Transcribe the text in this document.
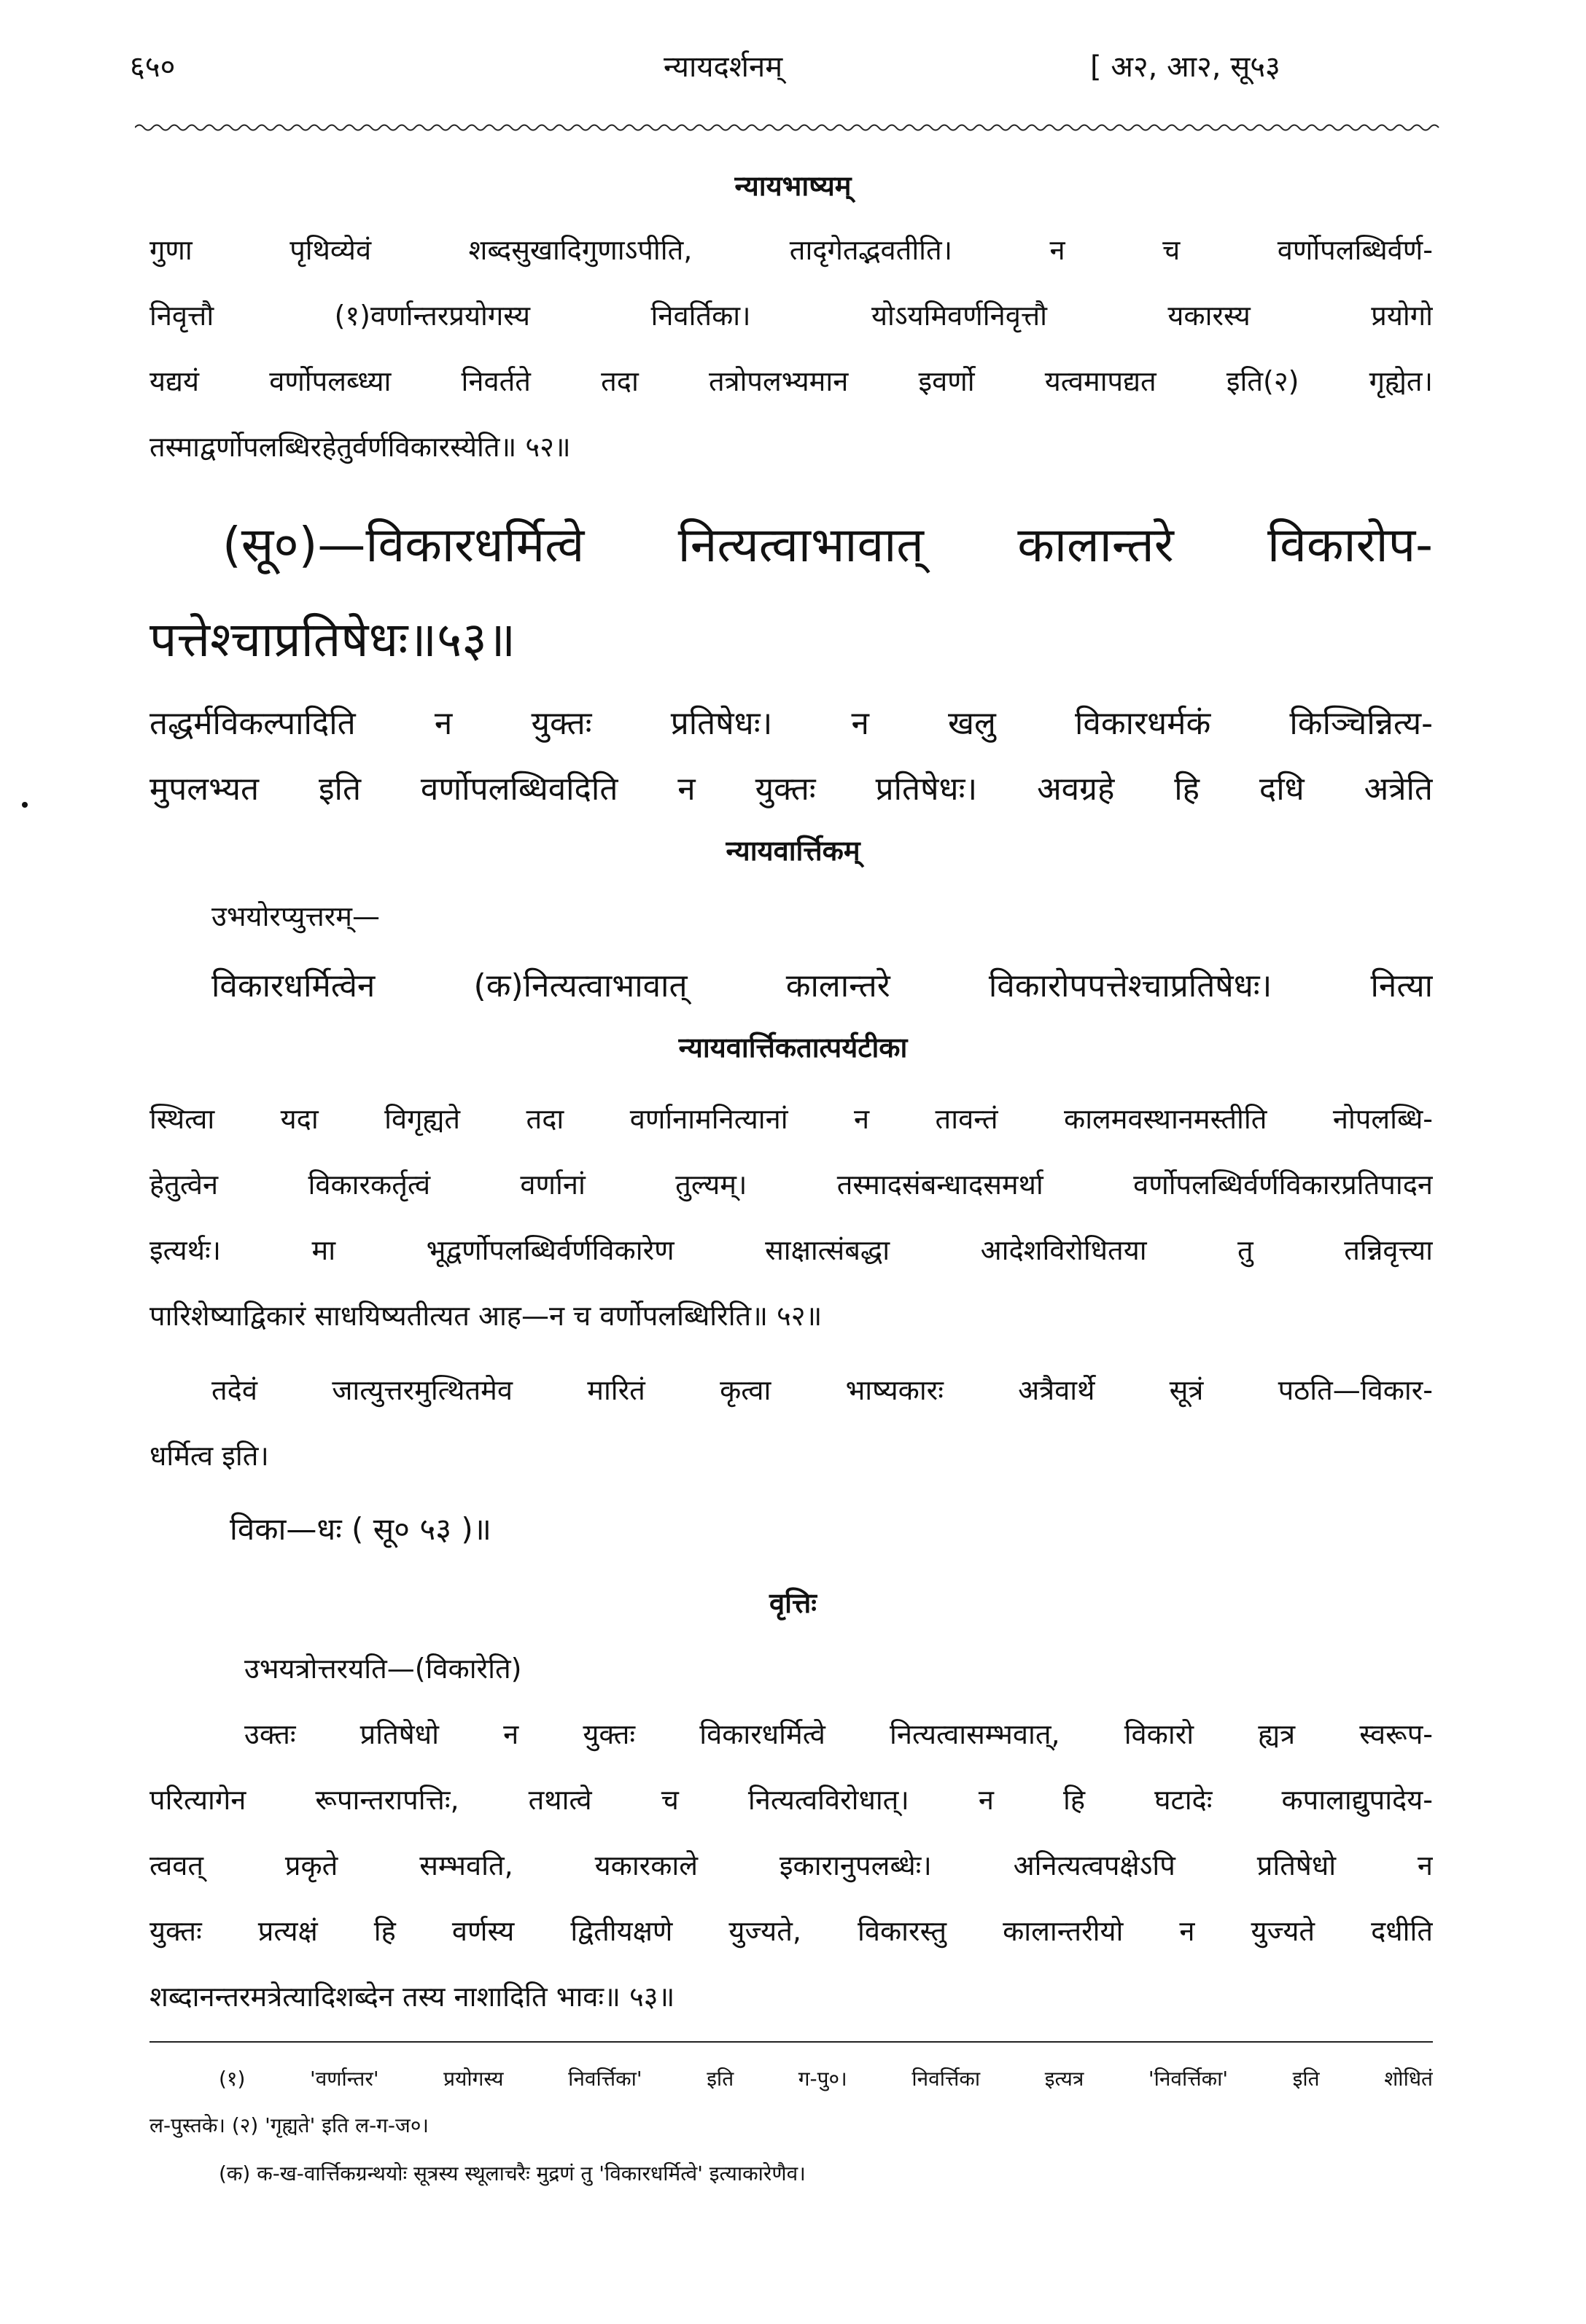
६५०	न्यायदर्शनम्	[ अ२, आ२, सू५३
न्यायभाष्यम्
गुणा पृथिव्येवं शब्दसुखादिगुणाऽपीति, तादृगेतद्भवतीति। न च वर्णोपलब्धिर्वर्ण-
निवृत्तौ (१)वर्णान्तरप्रयोगस्य निवर्तिका। योऽयमिवर्णनिवृत्तौ यकारस्य प्रयोगो
यद्ययं वर्णोपलब्ध्या निवर्तते तदा तत्रोपलभ्यमान इवर्णो यत्वमापद्यत इति(२) गृह्येत।
तस्माद्वर्णोपलब्धिरहेतुर्वर्णविकारस्येति॥ ५२॥
(सू०)—विकारधर्मित्वे नित्यत्वाभावात् कालान्तरे विकारोप-
पत्तेश्चाप्रतिषेधः॥५३॥
तद्धर्मविकल्पादिति न युक्तः प्रतिषेधः। न खलु विकारधर्मकं किञ्चिन्नित्य-
मुपलभ्यत इति वर्णोपलब्धिवदिति न युक्तः प्रतिषेधः। अवग्रहे हि दधि अत्रेति
न्यायवार्त्तिकम्
उभयोरप्युत्तरम्—
विकारधर्मित्वेन (क)नित्यत्वाभावात् कालान्तरे विकारोपपत्तेश्चाप्रतिषेधः। नित्या
न्यायवार्त्तिकतात्पर्यटीका
स्थित्वा यदा विगृह्यते तदा वर्णानामनित्यानां न तावन्तं कालमवस्थानमस्तीति नोपलब्धि-
हेतुत्वेन विकारकर्तृत्वं वर्णानां तुल्यम्। तस्मादसंबन्धादसमर्था वर्णोपलब्धिर्वर्णविकारप्रतिपादन
इत्यर्थः। मा भूद्वर्णोपलब्धिर्वर्णविकारेण साक्षात्संबद्धा आदेशविरोधितया तु तन्निवृत्त्या
पारिशेष्याद्विकारं साधयिष्यतीत्यत आह—न च वर्णोपलब्धिरिति॥ ५२॥
तदेवं जात्युत्तरमुत्थितमेव मारितं कृत्वा भाष्यकारः अत्रैवार्थे सूत्रं पठति—विकार-
धर्मित्व इति।
विका—धः ( सू० ५३ )॥
वृत्तिः
उभयत्रोत्तरयति—(विकारेति)
उक्तः प्रतिषेधो न युक्तः विकारधर्मित्वे नित्यत्वासम्भवात्, विकारो ह्यत्र स्वरूप-
परित्यागेन रूपान्तरापत्तिः, तथात्वे च नित्यत्वविरोधात्। न हि घटादेः कपालाद्युपादेय-
त्ववत् प्रकृते सम्भवति, यकारकाले इकारानुपलब्धेः। अनित्यत्वपक्षेऽपि प्रतिषेधो न
युक्तः प्रत्यक्षं हि वर्णस्य द्वितीयक्षणे युज्यते, विकारस्तु कालान्तरीयो न युज्यते दधीति
शब्दानन्तरमत्रेत्यादिशब्देन तस्य नाशादिति भावः॥ ५३॥
(१) 'वर्णान्तर' प्रयोगस्य निवर्त्तिका' इति ग-पु०। निवर्त्तिका इत्यत्र 'निवर्त्तिका' इति शोधितं
ल-पुस्तके। (२) 'गृह्यते' इति ल-ग-ज०।
(क) क-ख-वार्त्तिकग्रन्थयोः सूत्रस्य स्थूलाचरैः मुद्रणं तु 'विकारधर्मित्वे' इत्याकारेणैव।
